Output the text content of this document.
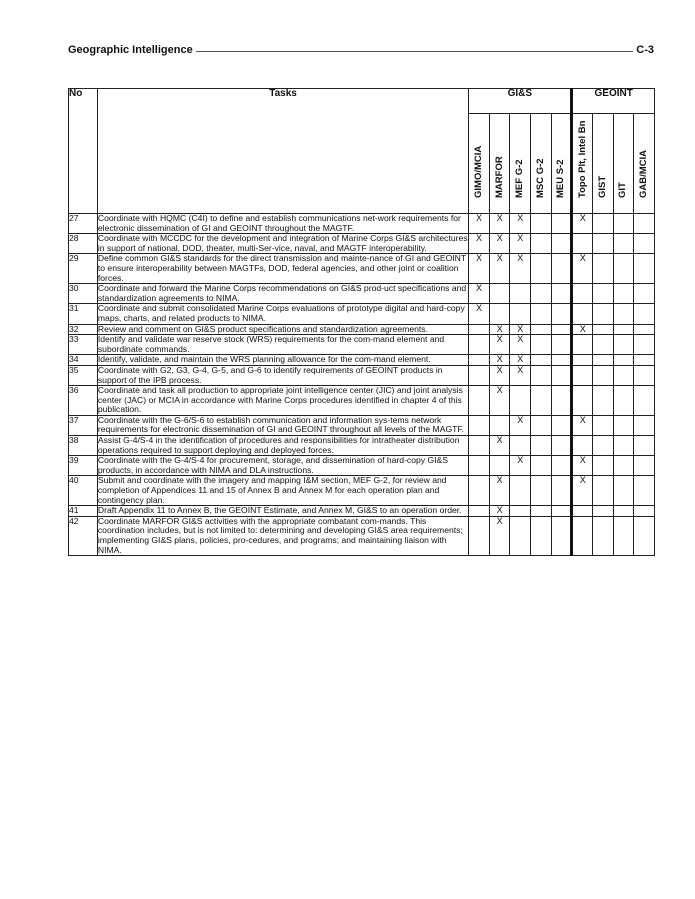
Geographic Intelligence	C-3
No	Tasks	GI&S					GEOINT			

		GIMO/MCIA	MARFOR	MEF G-2	MSC G-2	MEU S-2	Topo Plt, Intel Bn	GIST	GIT	GAB/MCIA

27	Coordinate with HQMC (C4I) to define and establish communications net-work requirements for electronic dissemination of GI and GEOINT throughout the MAGTF.	X	X	X			X			
28	Coordinate with MCCDC for the development and integration of Marine Corps GI&S architectures in support of national, DOD, theater, multi-Ser-vice, naval, and MAGTF interoperability.	X	X	X						
29	Define common GI&S standards for the direct transmission and mainte-nance of GI and GEOINT to ensure interoperability between MAGTFs, DOD, federal agencies, and other joint or coalition forces.	X	X	X			X			
30	Coordinate and forward the Marine Corps recommendations on GI&S prod-uct specifications and standardization agreements to NIMA.	X								
31	Coordinate and submit consolidated Marine Corps evaluations of prototype digital and hard-copy maps, charts, and related products to NIMA.	X								
32	Review and comment on GI&S product specifications and standardization agreements.		X	X			X			
33	Identify and validate war reserve stock (WRS) requirements for the com-mand element and subordinate commands.		X	X						
34	Identify, validate, and maintain the WRS planning allowance for the com-mand element.		X	X						
35	Coordinate with G2, G3, G-4, G-5, and G-6 to identify requirements of GEOINT products in support of the IPB process.		X	X						
36	Coordinate and task all production to appropriate joint intelligence center (JIC) and joint analysis center (JAC) or MCIA in accordance with Marine Corps procedures identified in chapter 4 of this publication.		X							
37	Coordinate with the G-6/S-6 to establish communication and information sys-tems network requirements for electronic dissemination of GI and GEOINT throughout all levels of the MAGTF.			X			X			
38	Assist G-4/S-4 in the identification of procedures and responsibilities for intratheater distribution operations required to support deploying and deployed forces.		X							
39	Coordinate with the G-4/S-4 for procurement, storage, and dissemination of hard-copy GI&S products, in accordance with NIMA and DLA instructions.			X			X			
40	Submit and coordinate with the imagery and mapping I&M section, MEF G-2, for review and completion of Appendices 11 and 15 of Annex B and Annex M for each operation plan and contingency plan.		X				X			
41	Draft Appendix 11 to Annex B, the GEOINT Estimate, and Annex M, GI&S to an operation order.		X							
42	Coordinate MARFOR GI&S activities with the appropriate combatant com-mands. This coordination includes, but is not limited to: determining and developing GI&S area requirements; implementing GI&S plans, policies, pro-cedures, and programs; and maintaining liaison with NIMA.		X							
